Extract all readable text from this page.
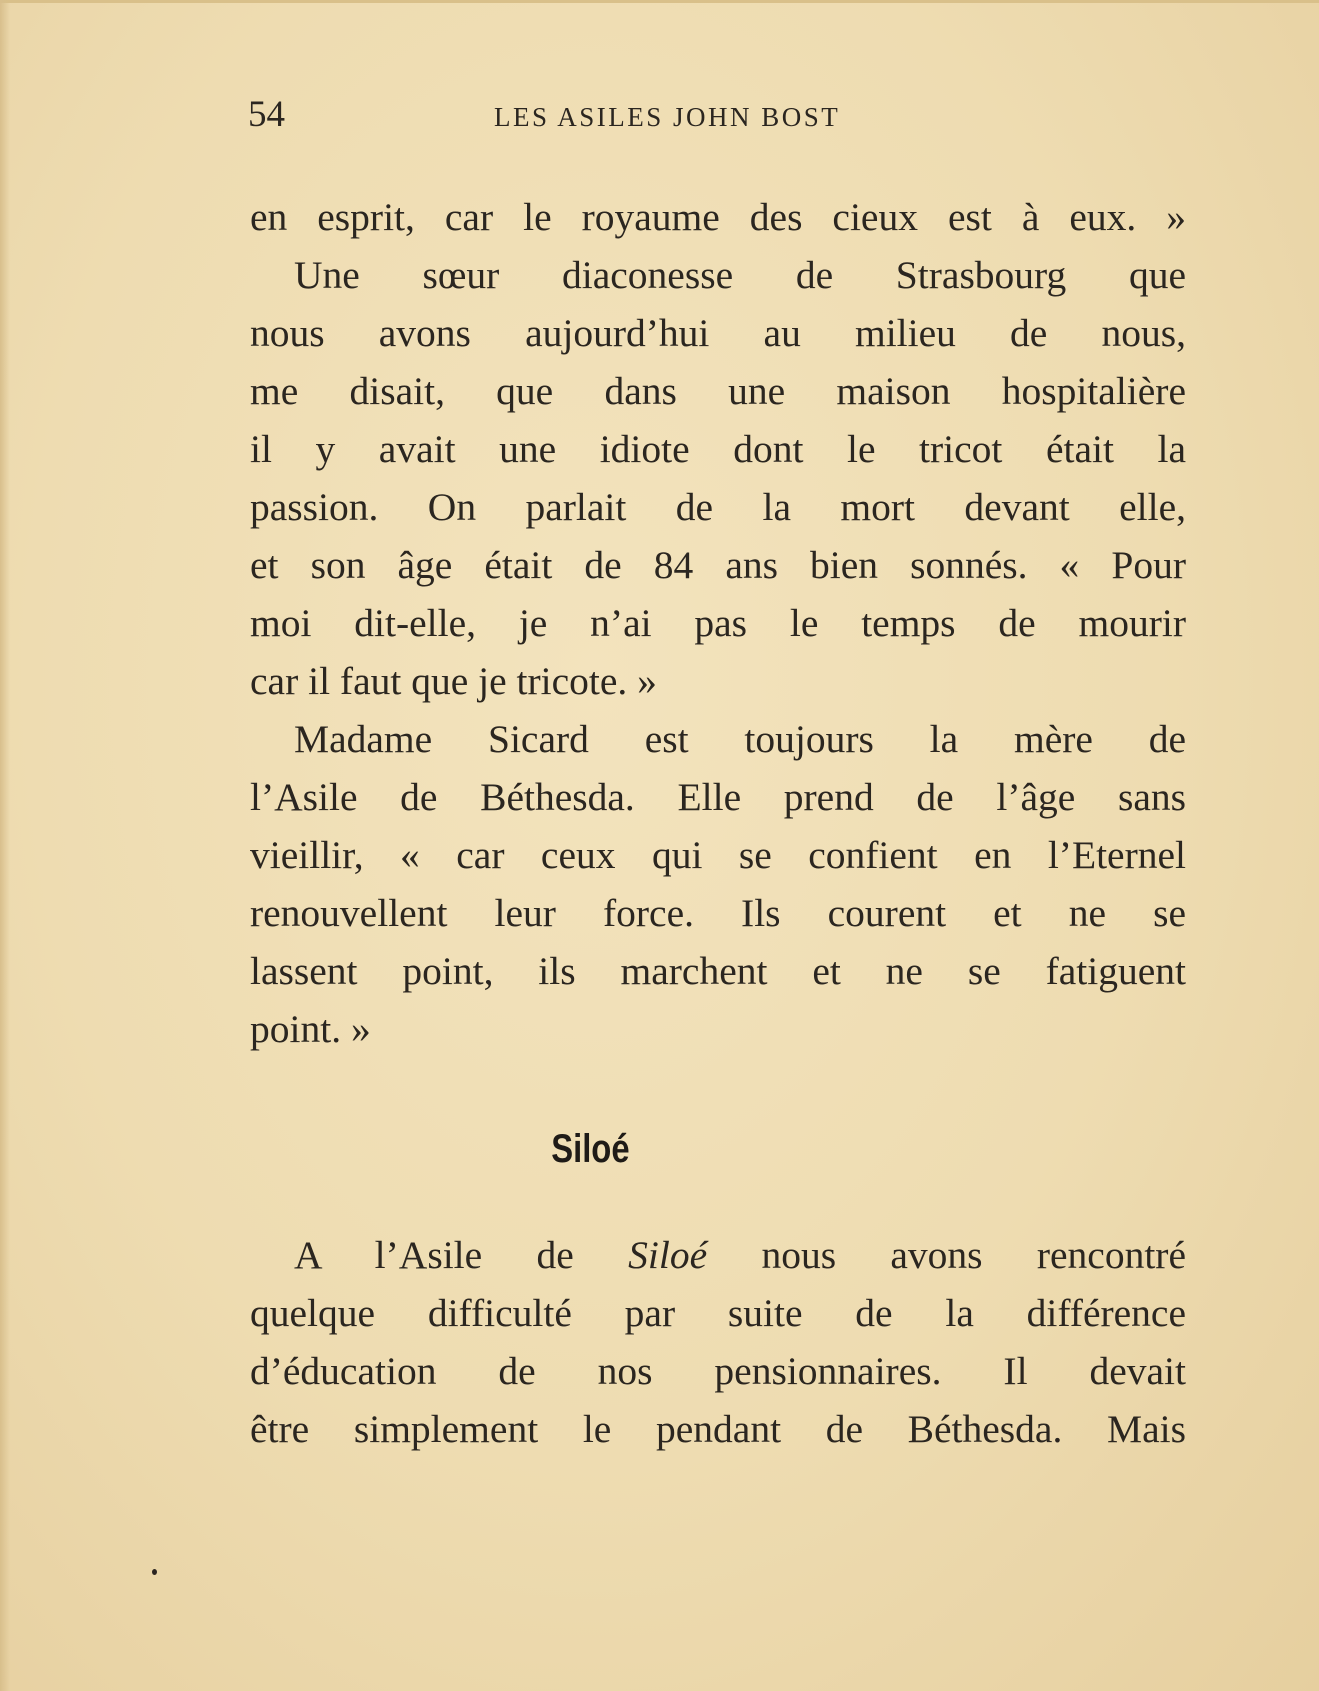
54	LES ASILES JOHN BOST
en esprit, car le royaume des cieux est à eux. »
Une sœur diaconesse de Strasbourg que
nous avons aujourd’hui au milieu de nous,
me disait, que dans une maison hospitalière
il y avait une idiote dont le tricot était la
passion. On parlait de la mort devant elle,
et son âge était de 84 ans bien sonnés. « Pour
moi dit-elle, je n’ai pas le temps de mourir
car il faut que je tricote. »
Madame Sicard est toujours la mère de
l’Asile de Béthesda. Elle prend de l’âge sans
vieillir, « car ceux qui se confient en l’Eternel
renouvellent leur force. Ils courent et ne se
lassent point, ils marchent et ne se fatiguent
point. »
Siloé
A l’Asile de Siloé nous avons rencontré
quelque difficulté par suite de la différence
d’éducation de nos pensionnaires. Il devait
être simplement le pendant de Béthesda. Mais
